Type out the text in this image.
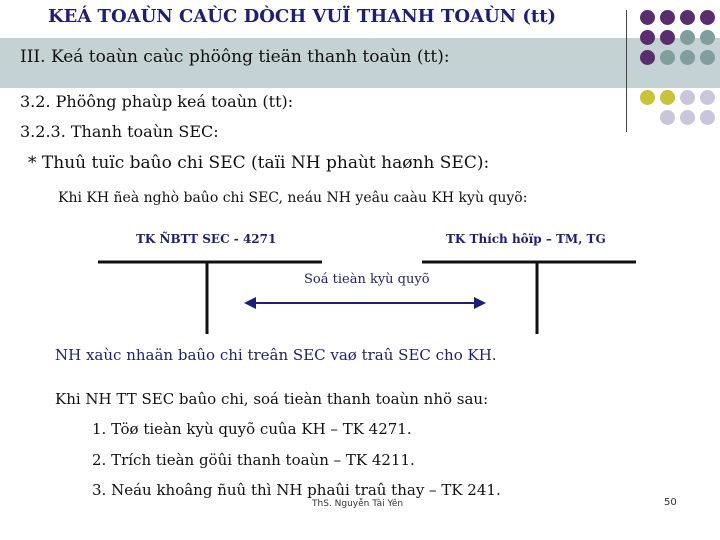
KEÁ TOAÙN CAÙC DÒCH VUÏ THANH TOAÙN (tt)
III. Keá toaùn caùc phöông tieän thanh toaùn (tt):
3.2. Phöông phaùp keá toaùn (tt):
3.2.3. Thanh toaùn SEC:
* Thuû tuïc baûo chi SEC (taïi NH phaùt haønh SEC):
Khi KH ñeà nghò baûo chi SEC, neáu NH yeâu caàu KH kyù quyõ:
TK ÑBTT SEC - 4271	TK Thích hôïp – TM, TG
Soá tieàn kyù quyõ
NH xaùc nhaän baûo chi treân SEC vaø traû SEC cho KH.
Khi NH TT SEC baûo chi, soá tieàn thanh toaùn nhö sau:
1. Töø tieàn kyù quyõ cuûa KH – TK 4271.
2. Trích tieàn göûi thanh toaùn – TK 4211.
3. Neáu khoâng ñuû thì NH phaûi traû thay – TK 241.
ThS. Nguyễn Tài Yên	50
